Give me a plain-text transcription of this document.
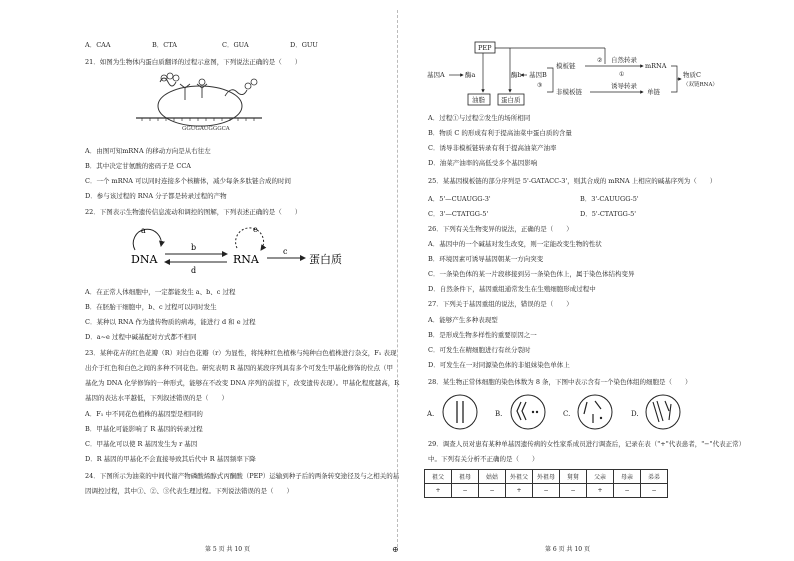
A．CAA	B．CTA	C．GUA	D．GUU
21．如图为生物体内蛋白质翻译的过程示意图，下列说法正确的是（　　）
GGUGAUGGGCA
A．由图可知mRNA 的移动方向是从右往左
B．其中决定甘氨酸的密码子是 CCA
C．一个 mRNA 可以同时连接多个核糖体，减少每条多肽链合成的时间
D．参与该过程的 RNA 分子都是转录过程的产物
22．下图表示生物遗传信息流动和调控的图解，下列表述正确的是（　　）
a
DNA
b
d
RNA
e
c
蛋白质
A．在正常人体细胞中，一定都能发生 a、b、c 过程
B．在胚胎干细胞中，b、c 过程可以同时发生
C．某种以 RNA 作为遗传物质的病毒，能进行 d 和 e 过程
D．a~e 过程中碱基配对方式都不相同
23．某种花卉的红色花瓣（R）对白色花瓣（r）为显性，将纯种红色植株与纯种白色植株进行杂交，F₁ 表现
出介于红色和白色之间的多种不同花色。研究表明 R 基因的某段序列具有多个可发生甲基化修饰的位点（甲
基化为 DNA 化学修饰的一种形式，能够在不改变 DNA 序列的前提下，改变遗传表现）。甲基化程度越高，R
基因的表达水平越低，下列叙述错误的是（　　）
A．F₁ 中不同花色植株的基因型是相同的
B．甲基化可能影响了 R 基因的转录过程
C．甲基化可以使 R 基因发生为 r 基因
D．R 基因的甲基化不会直接导致其后代中 R 基因频率下降
24．下图所示为油菜的中间代谢产物磷酸烯醇式丙酮酸（PEP）运输到种子后的两条转变途径及与之相关的基
因调控过程，其中①、②、③代表生理过程。下列说法错误的是（　　）
第 5 页 共 10 页	⊕
PEP
基因A	酶a	酶b 基因B
③
模板链
非模板链
② 自然转录
①
诱导转录
mRNA
单链
物质C
（双链RNA）
油脂 蛋白质
A．过程①与过程②发生的场所相同
B．物质 C 的形成有利于提高油菜中蛋白质的含量
C．诱导非模板链转录有利于提高油菜产油率
D．油菜产油率的高低受多个基因影响
25．某基因模板链的部分序列是 5'-GATACC-3'，则其合成的 mRNA 上相应的碱基序列为（　　）
A．5'—CUAUGG-3'	B．3'-CAUUGG-5'
C．3'—CTATGG-5'	D．5'-CTATGG-5'
26．下列有关生物变异的说法，正确的是（　　）
A．基因中的一个碱基对发生改变，则一定能改变生物的性状
B．环境因素可诱导基因朝某一方向突变
C．一条染色体的某一片段移接到另一条染色体上，属于染色体结构变异
D．自然条件下，基因重组通常发生在生殖细胞形成过程中
27．下列关于基因重组的说法，错误的是（　　）
A．能够产生多种表现型
B．是形成生物多样性的重要原因之一
C．可发生在精细胞进行有丝分裂时
D．可发生在一对同源染色体的非姐妹染色单体上
28．某生物正常体细胞的染色体数为 8 条，下图中表示含有一个染色体组的细胞是（　　）
A.	B.	C.	D.
29．调查人员对患有某种单基因遗传病的女性家系成员进行调查后，记录在表（"+"代表患者，"−"代表正常）
中。下列有关分析不正确的是（　　）
祖父	祖母	姑姑	外祖父	外祖母	舅舅	父亲	母亲	弟弟
+	−	−	+	−	−	+	−	−
第 6 页 共 10 页
